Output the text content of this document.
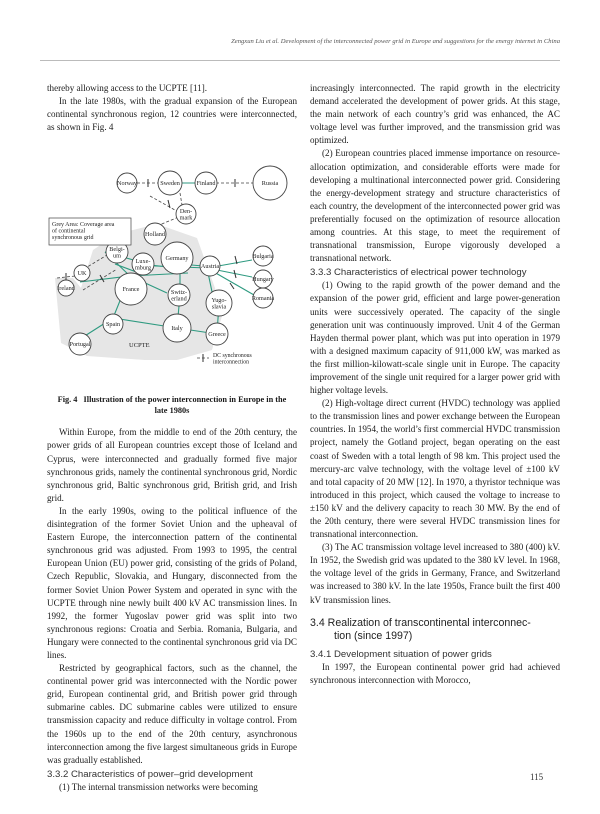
Zengxun Liu et al. Development of the interconnected power grid in Europe and suggestions for the energy internet in China

thereby allowing access to the UCPTE [11].

In the late 1980s, with the gradual expansion of the European continental synchronous region, 12 countries were interconnected, as shown in Fig. 4

Grey Area: Coverage area of continental synchronous grid
Norway	Sweden	Finland	Russia
Holland
Germany	Bulgaria
UK
Austria
Hungary
Ireland	France
Romania
Spain
Italy
Greece
Portugal
Den-mark
Belgi-um
Luxe-mburg
Switz-erland	Yugo-slavia
UCPTE
DC synchronous interconnection
Fig. 4 Illustration of the power interconnection in Europe in the late 1980s

Within Europe, from the middle to end of the 20th century, the power grids of all European countries except those of Iceland and Cyprus, were interconnected and gradually formed five major synchronous grids, namely the continental synchronous grid, Nordic synchronous grid, Baltic synchronous grid, British grid, and Irish grid.

In the early 1990s, owing to the political influence of the disintegration of the former Soviet Union and the upheaval of Eastern Europe, the interconnection pattern of the continental synchronous grid was adjusted. From 1993 to 1995, the central European Union (EU) power grid, consisting of the grids of Poland, Czech Republic, Slovakia, and Hungary, disconnected from the former Soviet Union Power System and operated in sync with the UCPTE through nine newly built 400 kV AC transmission lines. In 1992, the former Yugoslav power grid was split into two synchronous regions: Croatia and Serbia. Romania, Bulgaria, and Hungary were connected to the continental synchronous grid via DC lines.

Restricted by geographical factors, such as the channel, the continental power grid was interconnected with the Nordic power grid, European continental grid, and British power grid through submarine cables. DC submarine cables were utilized to ensure transmission capacity and reduce difficulty in voltage control. From the 1960s up to the end of the 20th century, asynchronous interconnection among the five largest simultaneous grids in Europe was gradually established.

3.3.2 Characteristics of power–grid development

(1) The internal transmission networks were becoming

increasingly interconnected. The rapid growth in the electricity demand accelerated the development of power grids. At this stage, the main network of each country’s grid was enhanced, the AC voltage level was further improved, and the transmission grid was optimized.

(2) European countries placed immense importance on resource-allocation optimization, and considerable efforts were made for developing a multinational interconnected power grid. Considering the energy-development strategy and structure characteristics of each country, the development of the interconnected power grid was preferentially focused on the optimization of resource allocation among countries. At this stage, to meet the requirement of transnational transmission, Europe vigorously developed a transnational network.

3.3.3 Characteristics of electrical power technology

(1) Owing to the rapid growth of the power demand and the expansion of the power grid, efficient and large power-generation units were successively operated. The capacity of the single generation unit was continuously improved. Unit 4 of the German Hayden thermal power plant, which was put into operation in 1979 with a designed maximum capacity of 911,000 kW, was marked as the first million-kilowatt-scale single unit in Europe. The capacity improvement of the single unit required for a larger power grid with higher voltage levels.

(2) High-voltage direct current (HVDC) technology was applied to the transmission lines and power exchange between the European countries. In 1954, the world’s first commercial HVDC transmission project, namely the Gotland project, began operating on the east coast of Sweden with a total length of 98 km. This project used the mercury-arc valve technology, with the voltage level of ±100 kV and total capacity of 20 MW [12]. In 1970, a thyristor technique was introduced in this project, which caused the voltage to increase to ±150 kV and the delivery capacity to reach 30 MW. By the end of the 20th century, there were several HVDC transmission lines for transnational interconnection.

(3) The AC transmission voltage level increased to 380 (400) kV. In 1952, the Swedish grid was updated to the 380 kV level. In 1968, the voltage level of the grids in Germany, France, and Switzerland was increased to 380 kV. In the late 1950s, France built the first 400 kV transmission lines.

3.4 Realization of transcontinental interconnec-
tion (since 1997)
3.4.1 Development situation of power grids

In 1997, the European continental power grid had achieved synchronous interconnection with Morocco,

115
